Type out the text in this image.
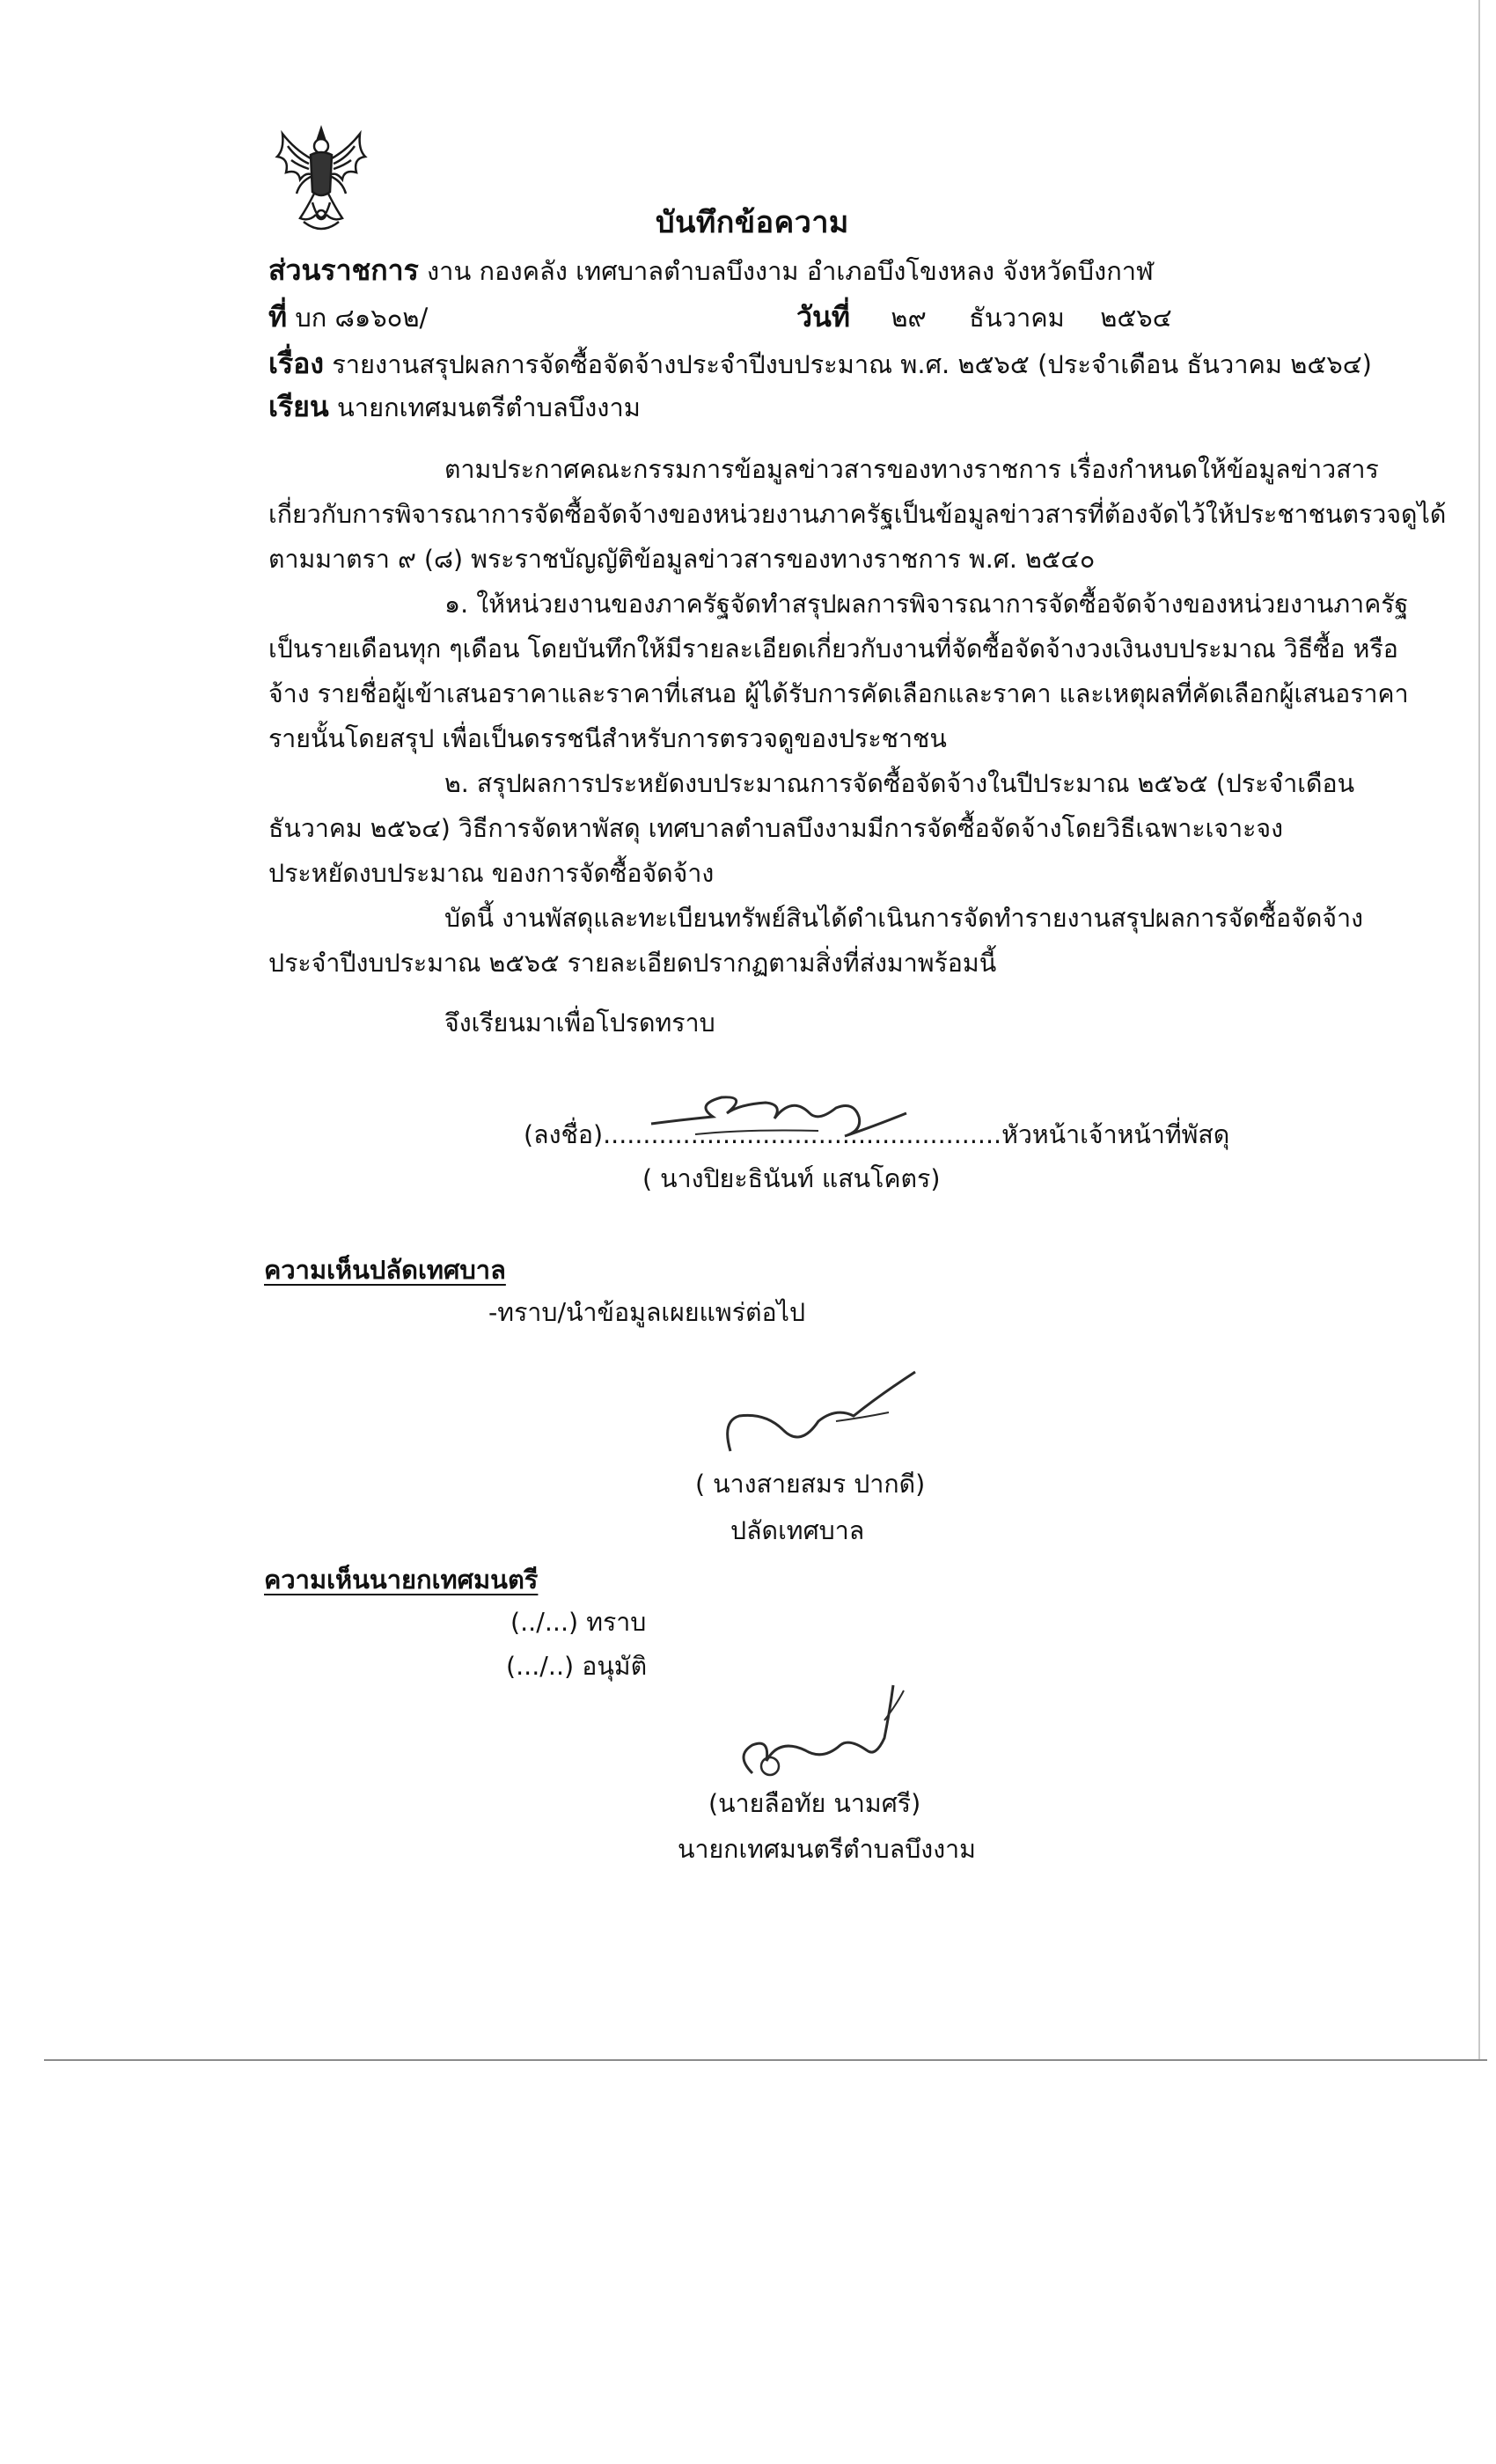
บันทึกข้อความ
ส่วนราชการ งาน กองคลัง เทศบาลตำบลบึงงาม อำเภอบึงโขงหลง จังหวัดบึงกาฬ
ที่ บก ๘๑๖๐๒/	วันที่ ๒๙ ธันวาคม ๒๕๖๔
เรื่อง รายงานสรุปผลการจัดซื้อจัดจ้างประจำปีงบประมาณ พ.ศ. ๒๕๖๕ (ประจำเดือน ธันวาคม ๒๕๖๔)
เรียน นายกเทศมนตรีตำบลบึงงาม
ตามประกาศคณะกรรมการข้อมูลข่าวสารของทางราชการ เรื่องกำหนดให้ข้อมูลข่าวสาร
เกี่ยวกับการพิจารณาการจัดซื้อจัดจ้างของหน่วยงานภาครัฐเป็นข้อมูลข่าวสารที่ต้องจัดไว้ให้ประชาชนตรวจดูได้
ตามมาตรา ๙ (๘) พระราชบัญญัติข้อมูลข่าวสารของทางราชการ พ.ศ. ๒๕๔๐
๑. ให้หน่วยงานของภาครัฐจัดทำสรุปผลการพิจารณาการจัดซื้อจัดจ้างของหน่วยงานภาครัฐ
เป็นรายเดือนทุก ๆเดือน โดยบันทึกให้มีรายละเอียดเกี่ยวกับงานที่จัดซื้อจัดจ้างวงเงินงบประมาณ วิธีซื้อ หรือ
จ้าง รายชื่อผู้เข้าเสนอราคาและราคาที่เสนอ ผู้ได้รับการคัดเลือกและราคา และเหตุผลที่คัดเลือกผู้เสนอราคา
รายนั้นโดยสรุป เพื่อเป็นดรรชนีสำหรับการตรวจดูของประชาชน
๒. สรุปผลการประหยัดงบประมาณการจัดซื้อจัดจ้างในปีประมาณ ๒๕๖๕ (ประจำเดือน
ธันวาคม ๒๕๖๔) วิธีการจัดหาพัสดุ เทศบาลตำบลบึงงามมีการจัดซื้อจัดจ้างโดยวิธีเฉพาะเจาะจง
ประหยัดงบประมาณ ของการจัดซื้อจัดจ้าง
บัดนี้ งานพัสดุและทะเบียนทรัพย์สินได้ดำเนินการจัดทำรายงานสรุปผลการจัดซื้อจัดจ้าง
ประจำปีงบประมาณ ๒๕๖๕ รายละเอียดปรากฏตามสิ่งที่ส่งมาพร้อมนี้
จึงเรียนมาเพื่อโปรดทราบ
(ลงชื่อ)..................................................หัวหน้าเจ้าหน้าที่พัสดุ
( นางปิยะธินันท์ แสนโคตร)
ความเห็นปลัดเทศบาล
-ทราบ/นำข้อมูลเผยแพร่ต่อไป
( นางสายสมร ปากดี)
ปลัดเทศบาล
ความเห็นนายกเทศมนตรี
(../...) ทราบ
(.../..) อนุมัติ
(นายลือทัย นามศรี)
นายกเทศมนตรีตำบลบึงงาม
